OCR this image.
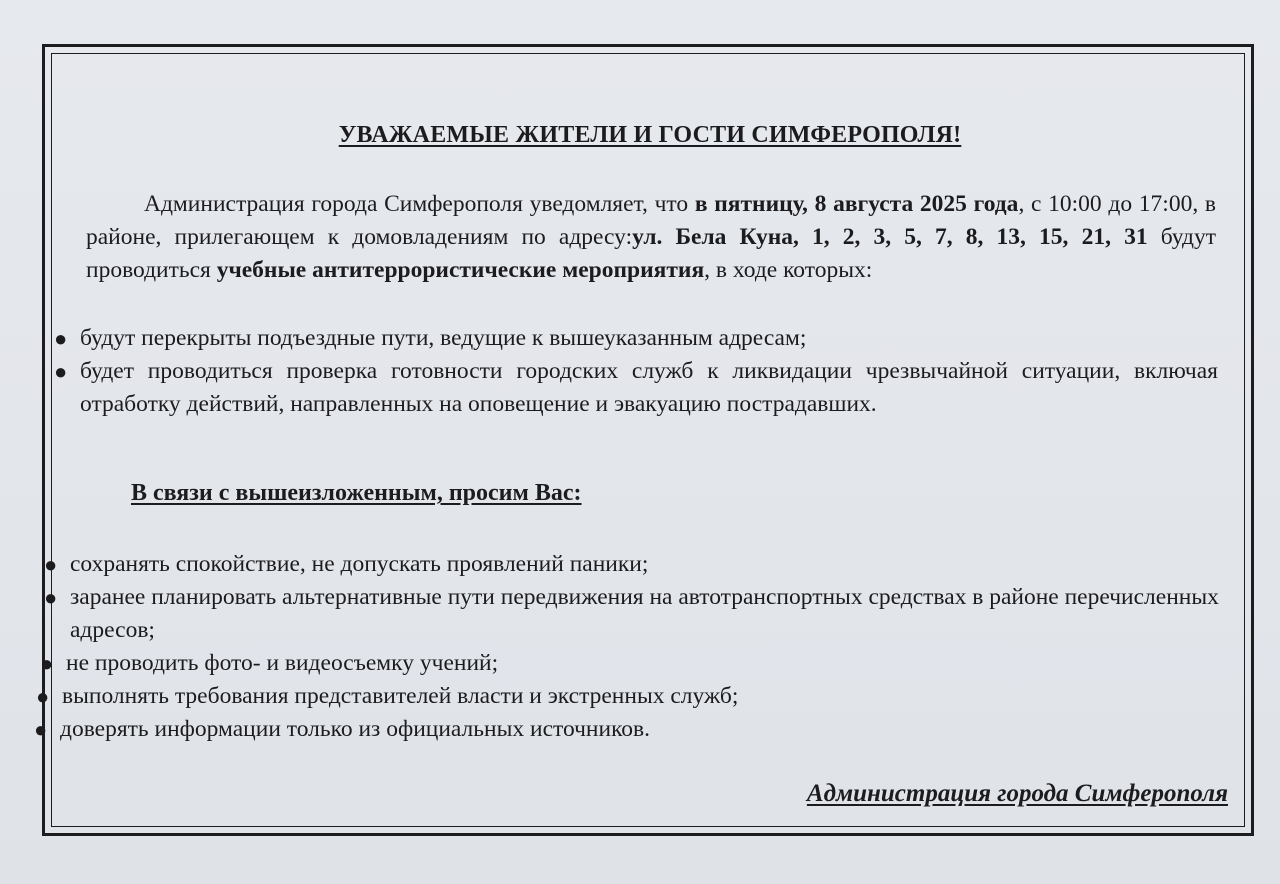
УВАЖАЕМЫЕ ЖИТЕЛИ И ГОСТИ СИМФЕРОПОЛЯ!

Администрация города Симферополя уведомляет, что в пятницу, 8 августа 2025 года, с 10:00 до 17:00, в районе, прилегающем к домовладениям по адресу:ул. Бела Куна, 1, 2, 3, 5, 7, 8, 13, 15, 21, 31 будут проводиться учебные антитеррористические мероприятия, в ходе которых:

● будут перекрыты подъездные пути, ведущие к вышеуказанным адресам;
● будет проводиться проверка готовности городских служб к ликвидации чрезвычайной ситуации, включая отработку действий, направленных на оповещение и эвакуацию пострадавших.
В связи с вышеизложенным, просим Вас:
● сохранять спокойствие, не допускать проявлений паники;
● заранее планировать альтернативные пути передвижения на автотранспортных средствах в районе перечисленных адресов;
● не проводить фото- и видеосъемку учений;
● выполнять требования представителей власти и экстренных служб;
● доверять информации только из официальных источников.
Администрация города Симферополя
